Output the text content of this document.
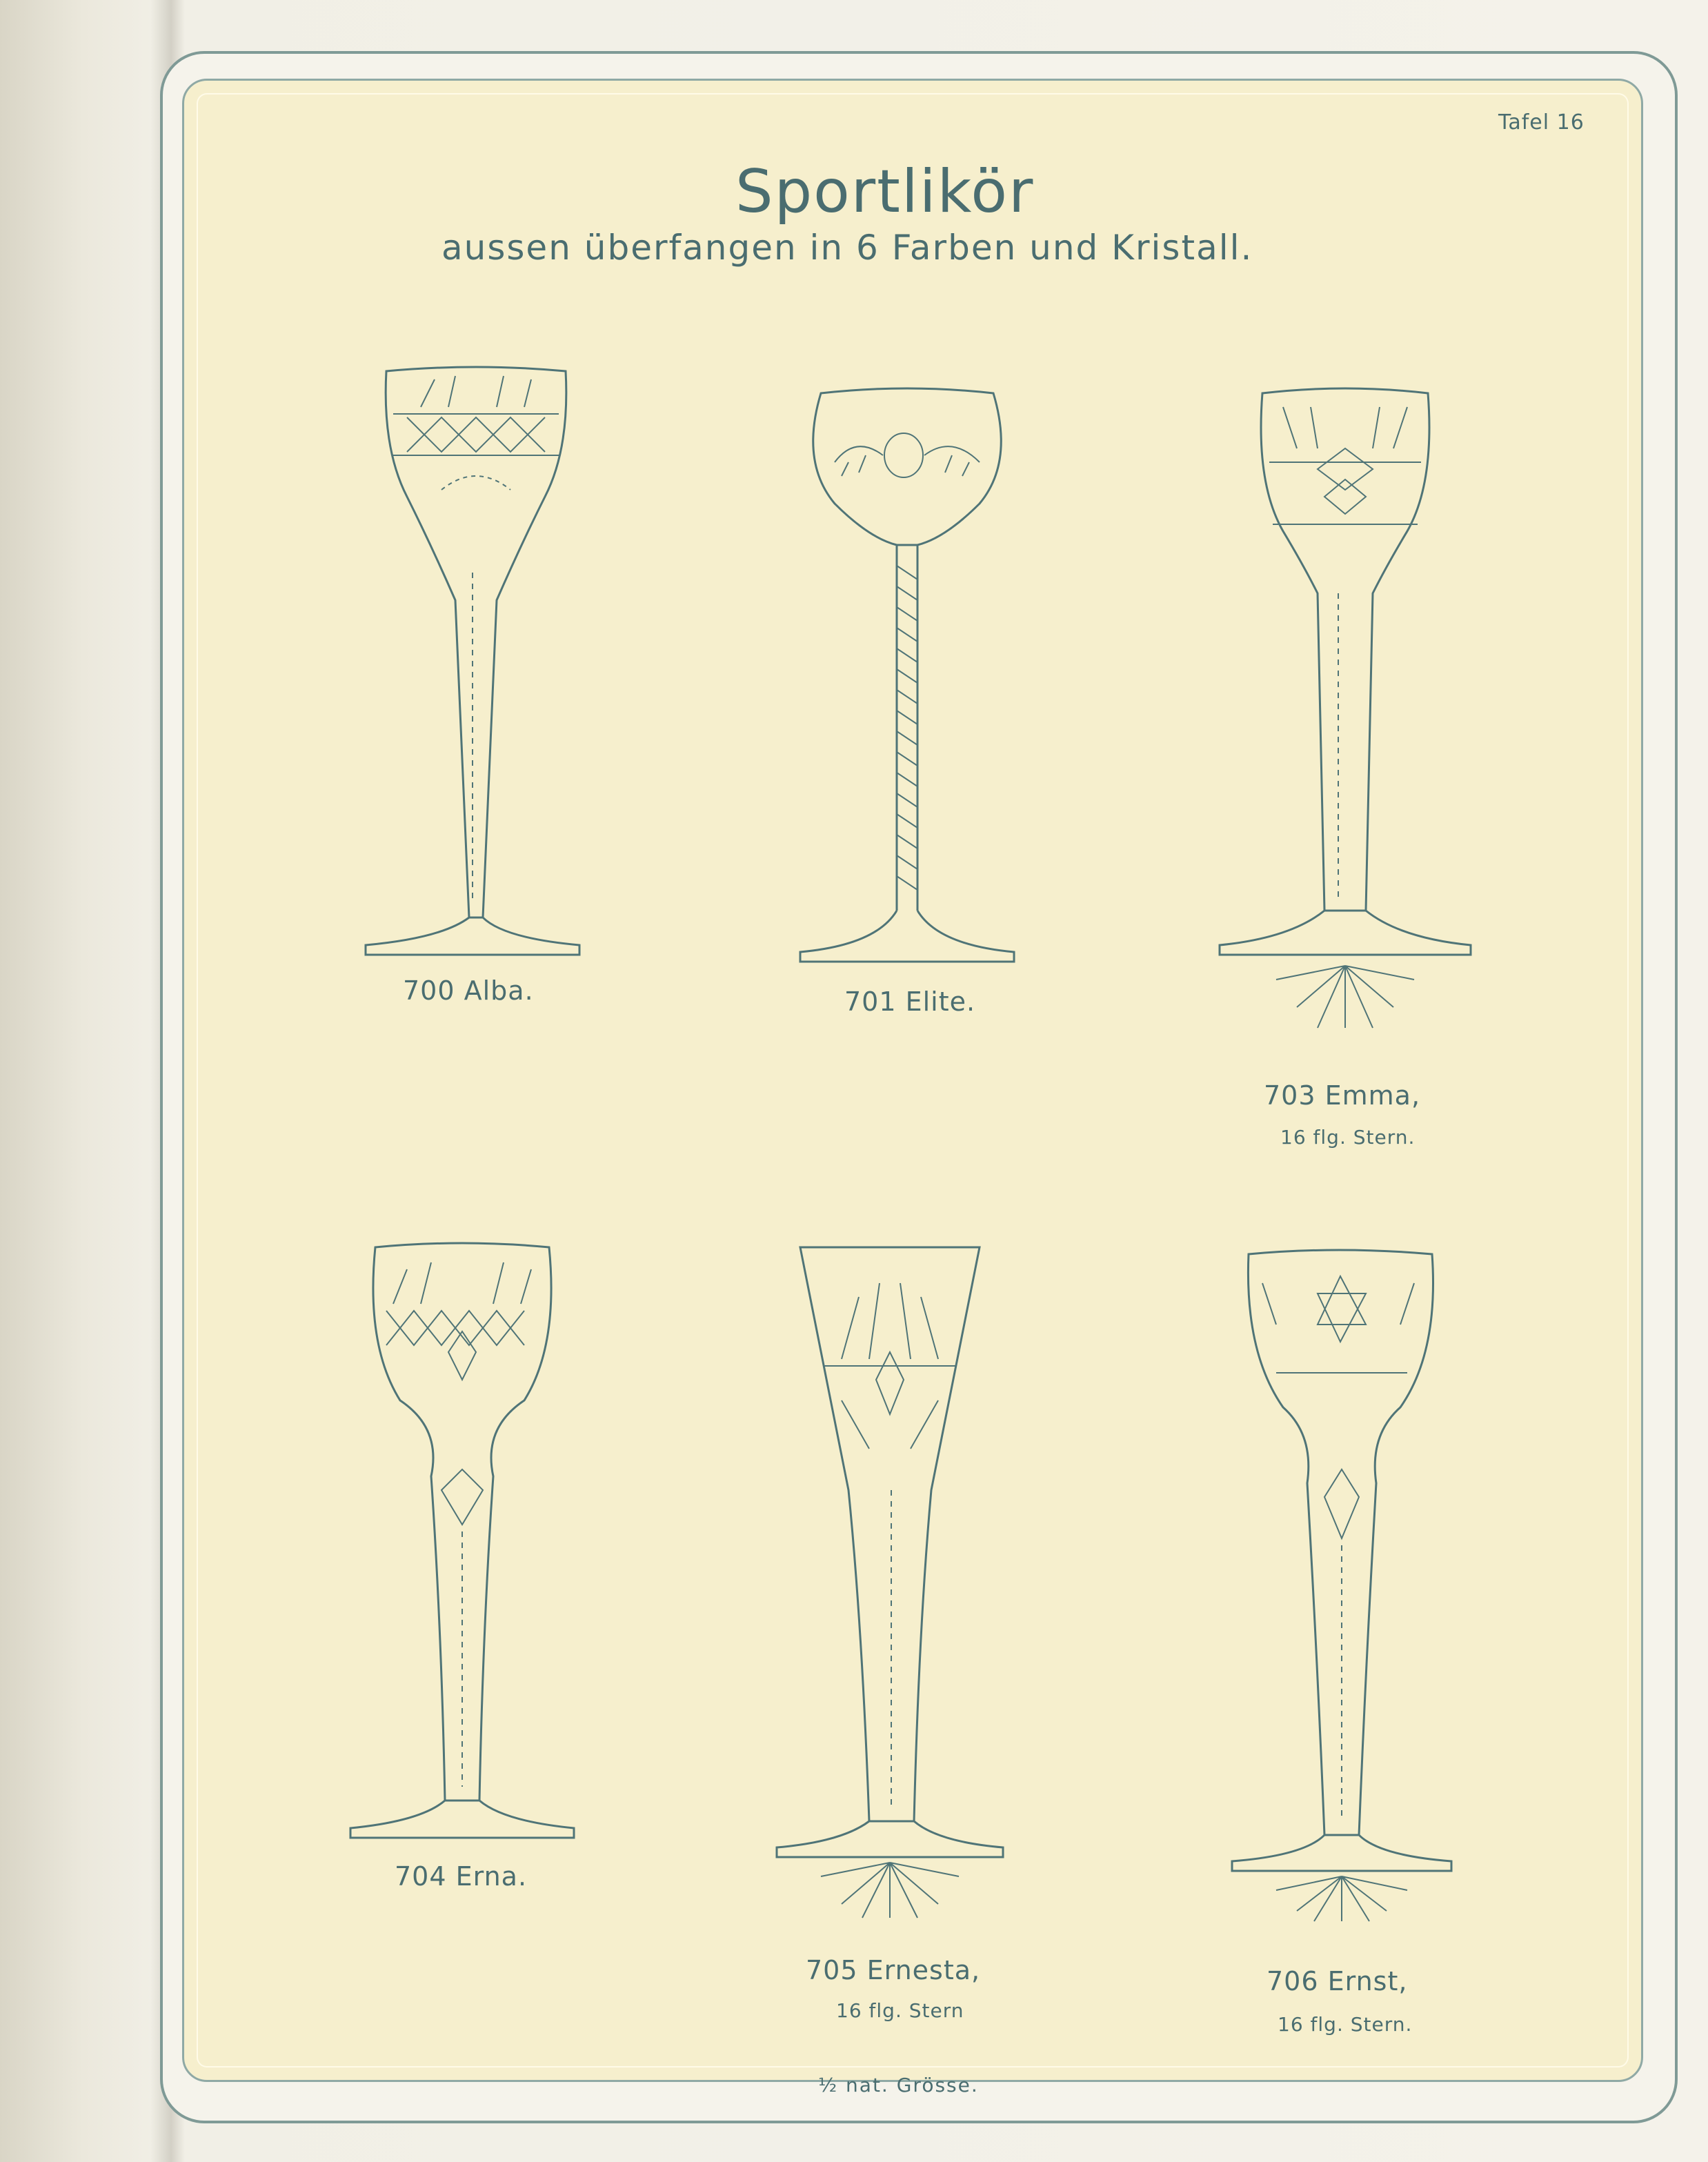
Tafel 16
Sportlikör
aussen überfangen in 6 Farben und Kristall.
700 Alba.	701 Elite.
703 Emma,
16 flg. Stern.
704 Erna.
705 Ernesta,
16 flg. Stern
706 Ernst,
16 flg. Stern.
½ nat. Grösse.
